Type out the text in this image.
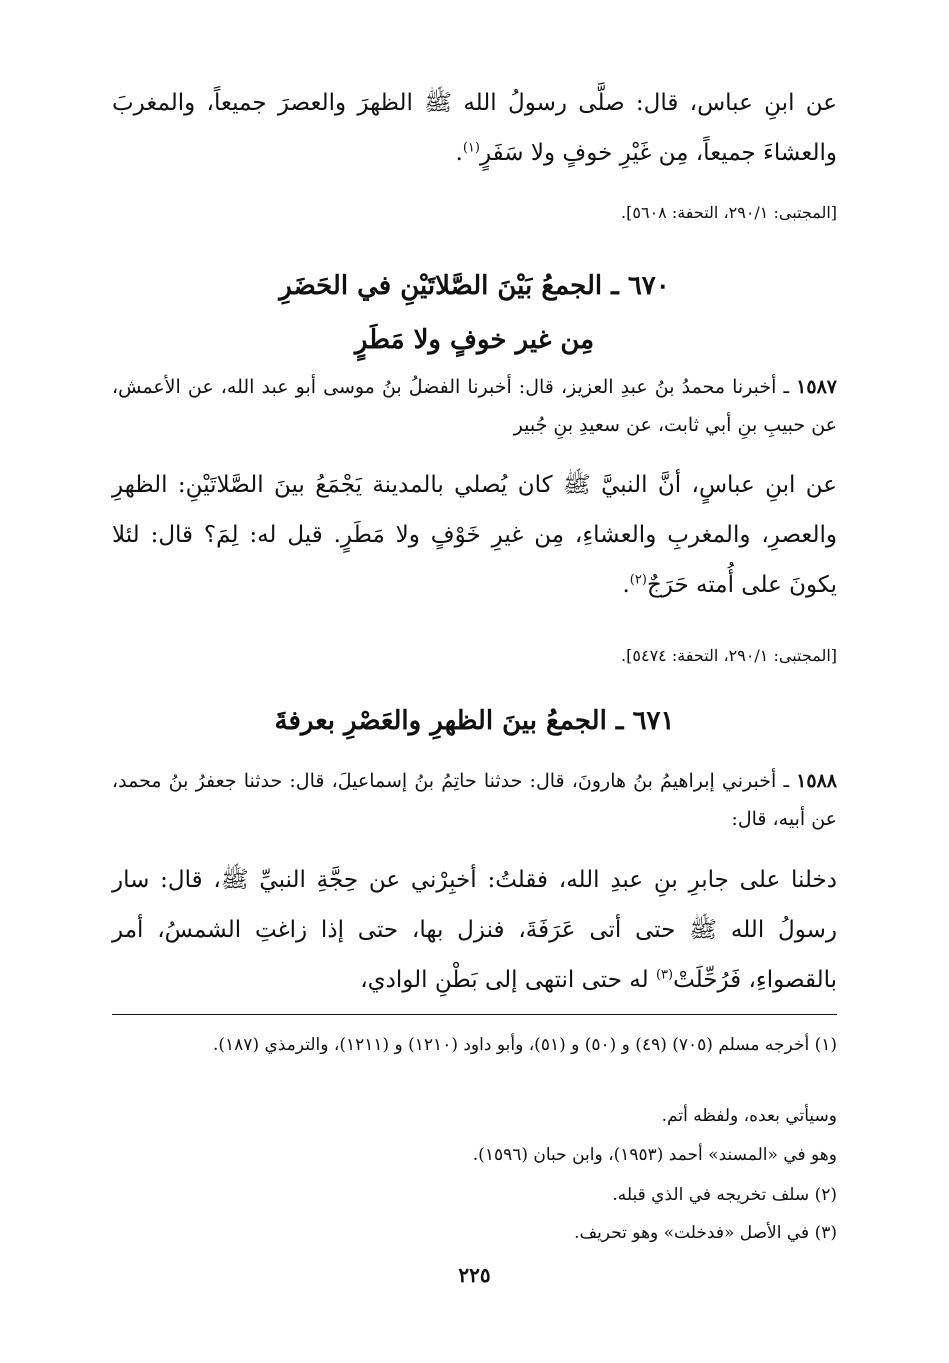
عن ابنِ عباس، قال: صلَّى رسولُ الله ﷺ الظهرَ والعصرَ جميعاً، والمغربَ والعشاءَ جميعاً، مِن غَيْرِ خوفٍ ولا سَفَرٍ$^{(١)}$.
[المجتبى: ٢٩٠/١، التحفة: ٥٦٠٨].
٦٧٠ ـ الجمعُ بَيْنَ الصَّلاتَيْنِ في الحَضَرِ
مِن غير خوفٍ ولا مَطَرٍ
١٥٨٧ ـ أخبرنا محمدُ بنُ عبدِ العزيز، قال: أخبرنا الفضلُ بنُ موسى أبو عبد الله، عن الأعمش، عن حبيبِ بنِ أبي ثابت، عن سعيدِ بنِ جُبير
عن ابنِ عباسٍ، أنَّ النبيَّ ﷺ كان يُصلي بالمدينة يَجْمَعُ بينَ الصَّلاتَيْنِ: الظهرِ والعصرِ، والمغربِ والعشاءِ، مِن غيرِ خَوْفٍ ولا مَطَرٍ. قيل له: لِمَ؟ قال: لئلا يكونَ على أُمته حَرَجٌ$^{(٢)}$.
[المجتبى: ٢٩٠/١، التحفة: ٥٤٧٤].
٦٧١ ـ الجمعُ بينَ الظهرِ والعَصْرِ بعرفةَ
١٥٨٨ ـ أخبرني إبراهيمُ بنُ هارونَ، قال: حدثنا حاتِمُ بنُ إسماعيلَ، قال: حدثنا جعفرُ بنُ محمد، عن أبيه، قال:
دخلنا على جابرِ بنِ عبدِ الله، فقلتُ: أخبِرْني عن حِجَّةِ النبيِّ ﷺ، قال: سار رسولُ الله ﷺ حتى أتى عَرَفَةَ، فنزل بها، حتى إذا زاغتِ الشمسُ، أمر بالقصواءِ، فَرُحِّلَتْ$^{(٣)}$ له حتى انتهى إلى بَطْنِ الوادي،
(١) أخرجه مسلم (٧٠٥) (٤٩) و (٥٠) و (٥١)، وأبو داود (١٢١٠) و (١٢١١)، والترمذي (١٨٧).
وسيأتي بعده، ولفظه أتم.
وهو في «المسند» أحمد (١٩٥٣)، وابن حبان (١٥٩٦).
(٢) سلف تخريجه في الذي قبله.
(٣) في الأصل «فدخلت» وهو تحريف.
٢٢٥
